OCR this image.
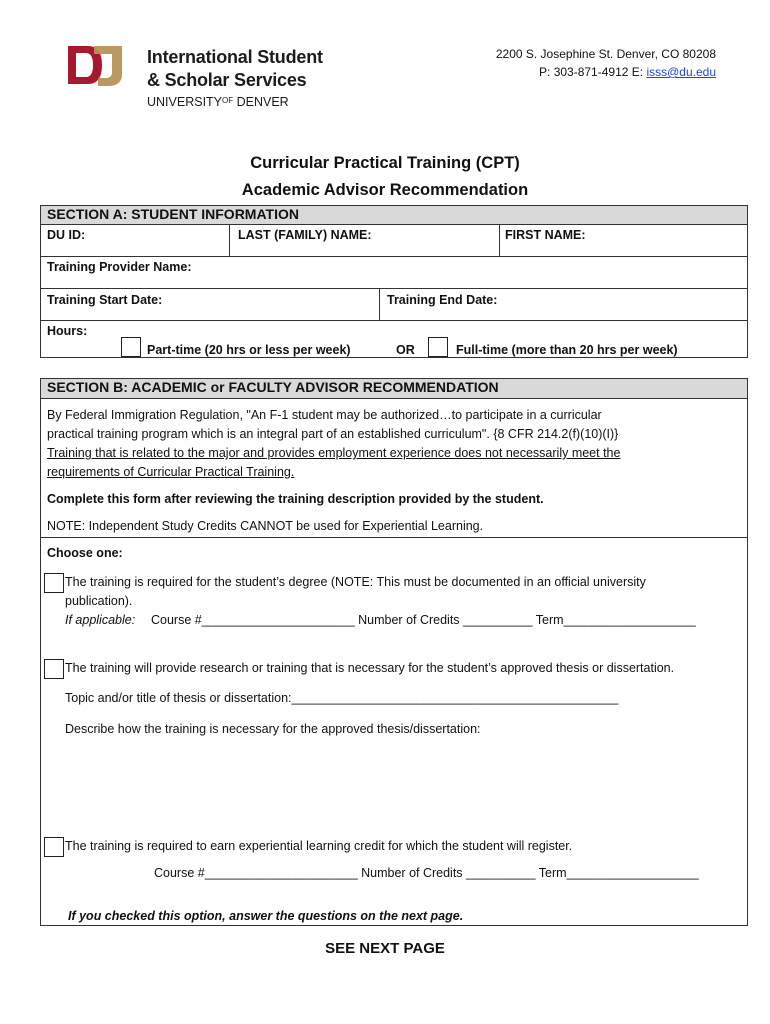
International Student
& Scholar Services
$UNIVERSITY^{OF}$ DENVER
2200 S. Josephine St. Denver, CO 80208
P: 303-871-4912 E: isss@du.edu
Curricular Practical Training (CPT)
Academic Advisor Recommendation
SECTION A: STUDENT INFORMATION
DU ID:	LAST (FAMILY) NAME:	FIRST NAME:
Training Provider Name:
Training Start Date:	Training End Date:
Hours:
Part-time (20 hrs or less per week)	OR	Full-time (more than 20 hrs per week)
SECTION B: ACADEMIC or FACULTY ADVISOR RECOMMENDATION
By Federal Immigration Regulation, "An F-1 student may be authorized…to participate in a curricular
practical training program which is an integral part of an established curriculum". {8 CFR 214.2(f)(10)(I)}
Training that is related to the major and provides employment experience does not necessarily meet the
requirements of Curricular Practical Training.
Complete this form after reviewing the training description provided by the student.
NOTE: Independent Study Credits CANNOT be used for Experiential Learning.
Choose one:
The training is required for the student’s degree (NOTE: This must be documented in an official university
publication).
If applicable: Course #______________________ Number of Credits __________ Term___________________
The training will provide research or training that is necessary for the student’s approved thesis or dissertation.
Topic and/or title of thesis or dissertation:_______________________________________________
Describe how the training is necessary for the approved thesis/dissertation:
The training is required to earn experiential learning credit for which the student will register.
Course #______________________ Number of Credits __________ Term___________________
If you checked this option, answer the questions on the next page.
SEE NEXT PAGE
